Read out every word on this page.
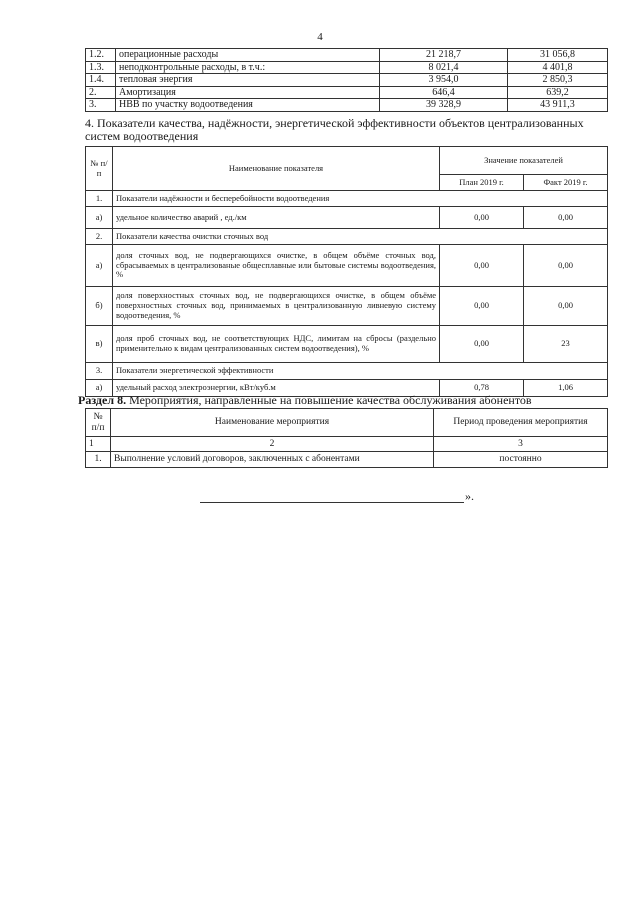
4
1.2.	операционные расходы	21 218,7	31 056,8
1.3.	неподконтрольные расходы, в т.ч.:	8 021,4	4 401,8
1.4.	тепловая энергия	3 954,0	2 850,3
2.	Амортизация	646,4	639,2
3.	НВВ по участку водоотведения	39 328,9	43 911,3
4. Показатели качества, надёжности, энергетической эффективности объектов централизованных систем водоотведения
№ п/п	Наименование показателя	Значение показателей	
		План 2019 г.	Факт 2019 г.
1.	Показатели надёжности и бесперебойности водоотведения		
а)	удельное количество аварий , ед./км	0,00	0,00
2.	Показатели качества очистки сточных вод		
а)	доля сточных вод, не подвергающихся очистке, в общем объёме сточных вод, сбрасываемых в централизованые общесплавные или бытовые системы водоотведения, %	0,00	0,00
б)	доля поверхностных сточных вод, не подвергающихся очистке, в общем объёме поверхностных сточных вод, принимаемых в централизованную ливневую систему водоотведения, %	0,00	0,00
в)	доля проб сточных вод, не соответствующих НДС, лимитам на сбросы (раздельно применительно к видам централизованных систем водоотведения), %	0,00	23
3.	Показатели энергетической эффективности		
а)	удельный расход электроэнергии, кВт/куб.м	0,78	1,06
Раздел 8. Мероприятия, направленные на повышение качества обслуживания абонентов
№ п/п	Наименование мероприятия	Период проведения мероприятия
1	2	3
1.	Выполнение условий договоров, заключенных с абонентами	постоянно
».
